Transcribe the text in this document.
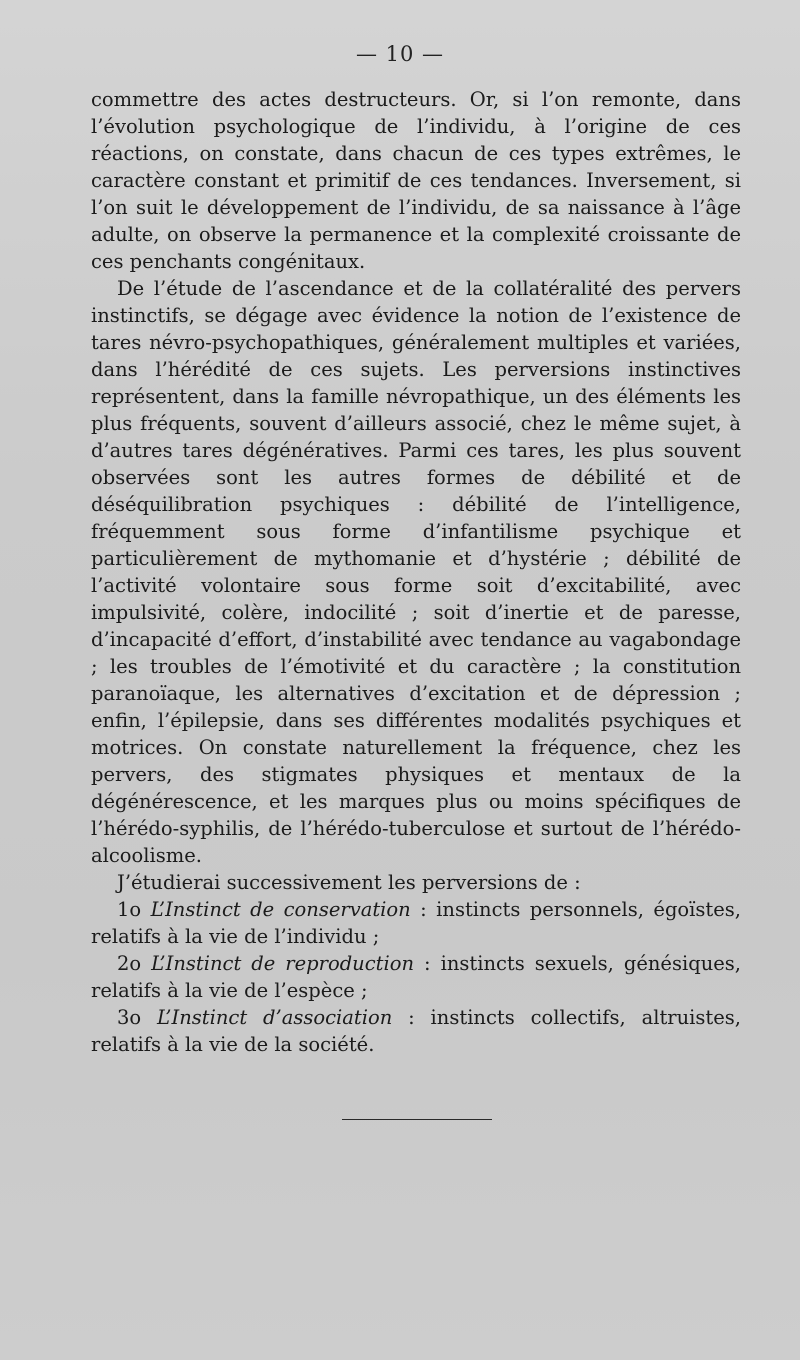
— 10 —

commettre des actes destructeurs. Or, si l’on remonte, dans l’évolution psychologique de l’individu, à l’origine de ces réactions, on constate, dans chacun de ces types extrêmes, le caractère constant et primitif de ces tendances. Inversement, si l’on suit le développement de l’individu, de sa naissance à l’âge adulte, on observe la permanence et la complexité croissante de ces penchants congénitaux.

De l’étude de l’ascendance et de la collatéralité des pervers instinctifs, se dégage avec évidence la notion de l’existence de tares névro-psychopathiques, généralement multiples et variées, dans l’hérédité de ces sujets. Les perversions instinctives représentent, dans la famille névropathique, un des éléments les plus fréquents, souvent d’ailleurs associé, chez le même sujet, à d’autres tares dégénératives. Parmi ces tares, les plus souvent observées sont les autres formes de débilité et de déséquilibration psychiques : débilité de l’intelligence, fréquemment sous forme d’infantilisme psychique et particulièrement de mythomanie et d’hystérie ; débilité de l’activité volontaire sous forme soit d’excitabilité, avec impulsivité, colère, indocilité ; soit d’inertie et de paresse, d’incapacité d’effort, d’instabilité avec tendance au vagabondage ; les troubles de l’émotivité et du caractère ; la constitution paranoïaque, les alternatives d’excitation et de dépression ; enfin, l’épilepsie, dans ses différentes modalités psychiques et motrices. On constate naturellement la fréquence, chez les pervers, des stigmates physiques et mentaux de la dégénérescence, et les marques plus ou moins spécifiques de l’hérédo-syphilis, de l’hérédo-tuberculose et surtout de l’hérédo-alcoolisme.

J’étudierai successivement les perversions de :

1o L’Instinct de conservation : instincts personnels, égoïstes, relatifs à la vie de l’individu ;

2o L’Instinct de reproduction : instincts sexuels, génésiques, relatifs à la vie de l’espèce ;

3o L’Instinct d’association : instincts collectifs, altruistes, relatifs à la vie de la société.
